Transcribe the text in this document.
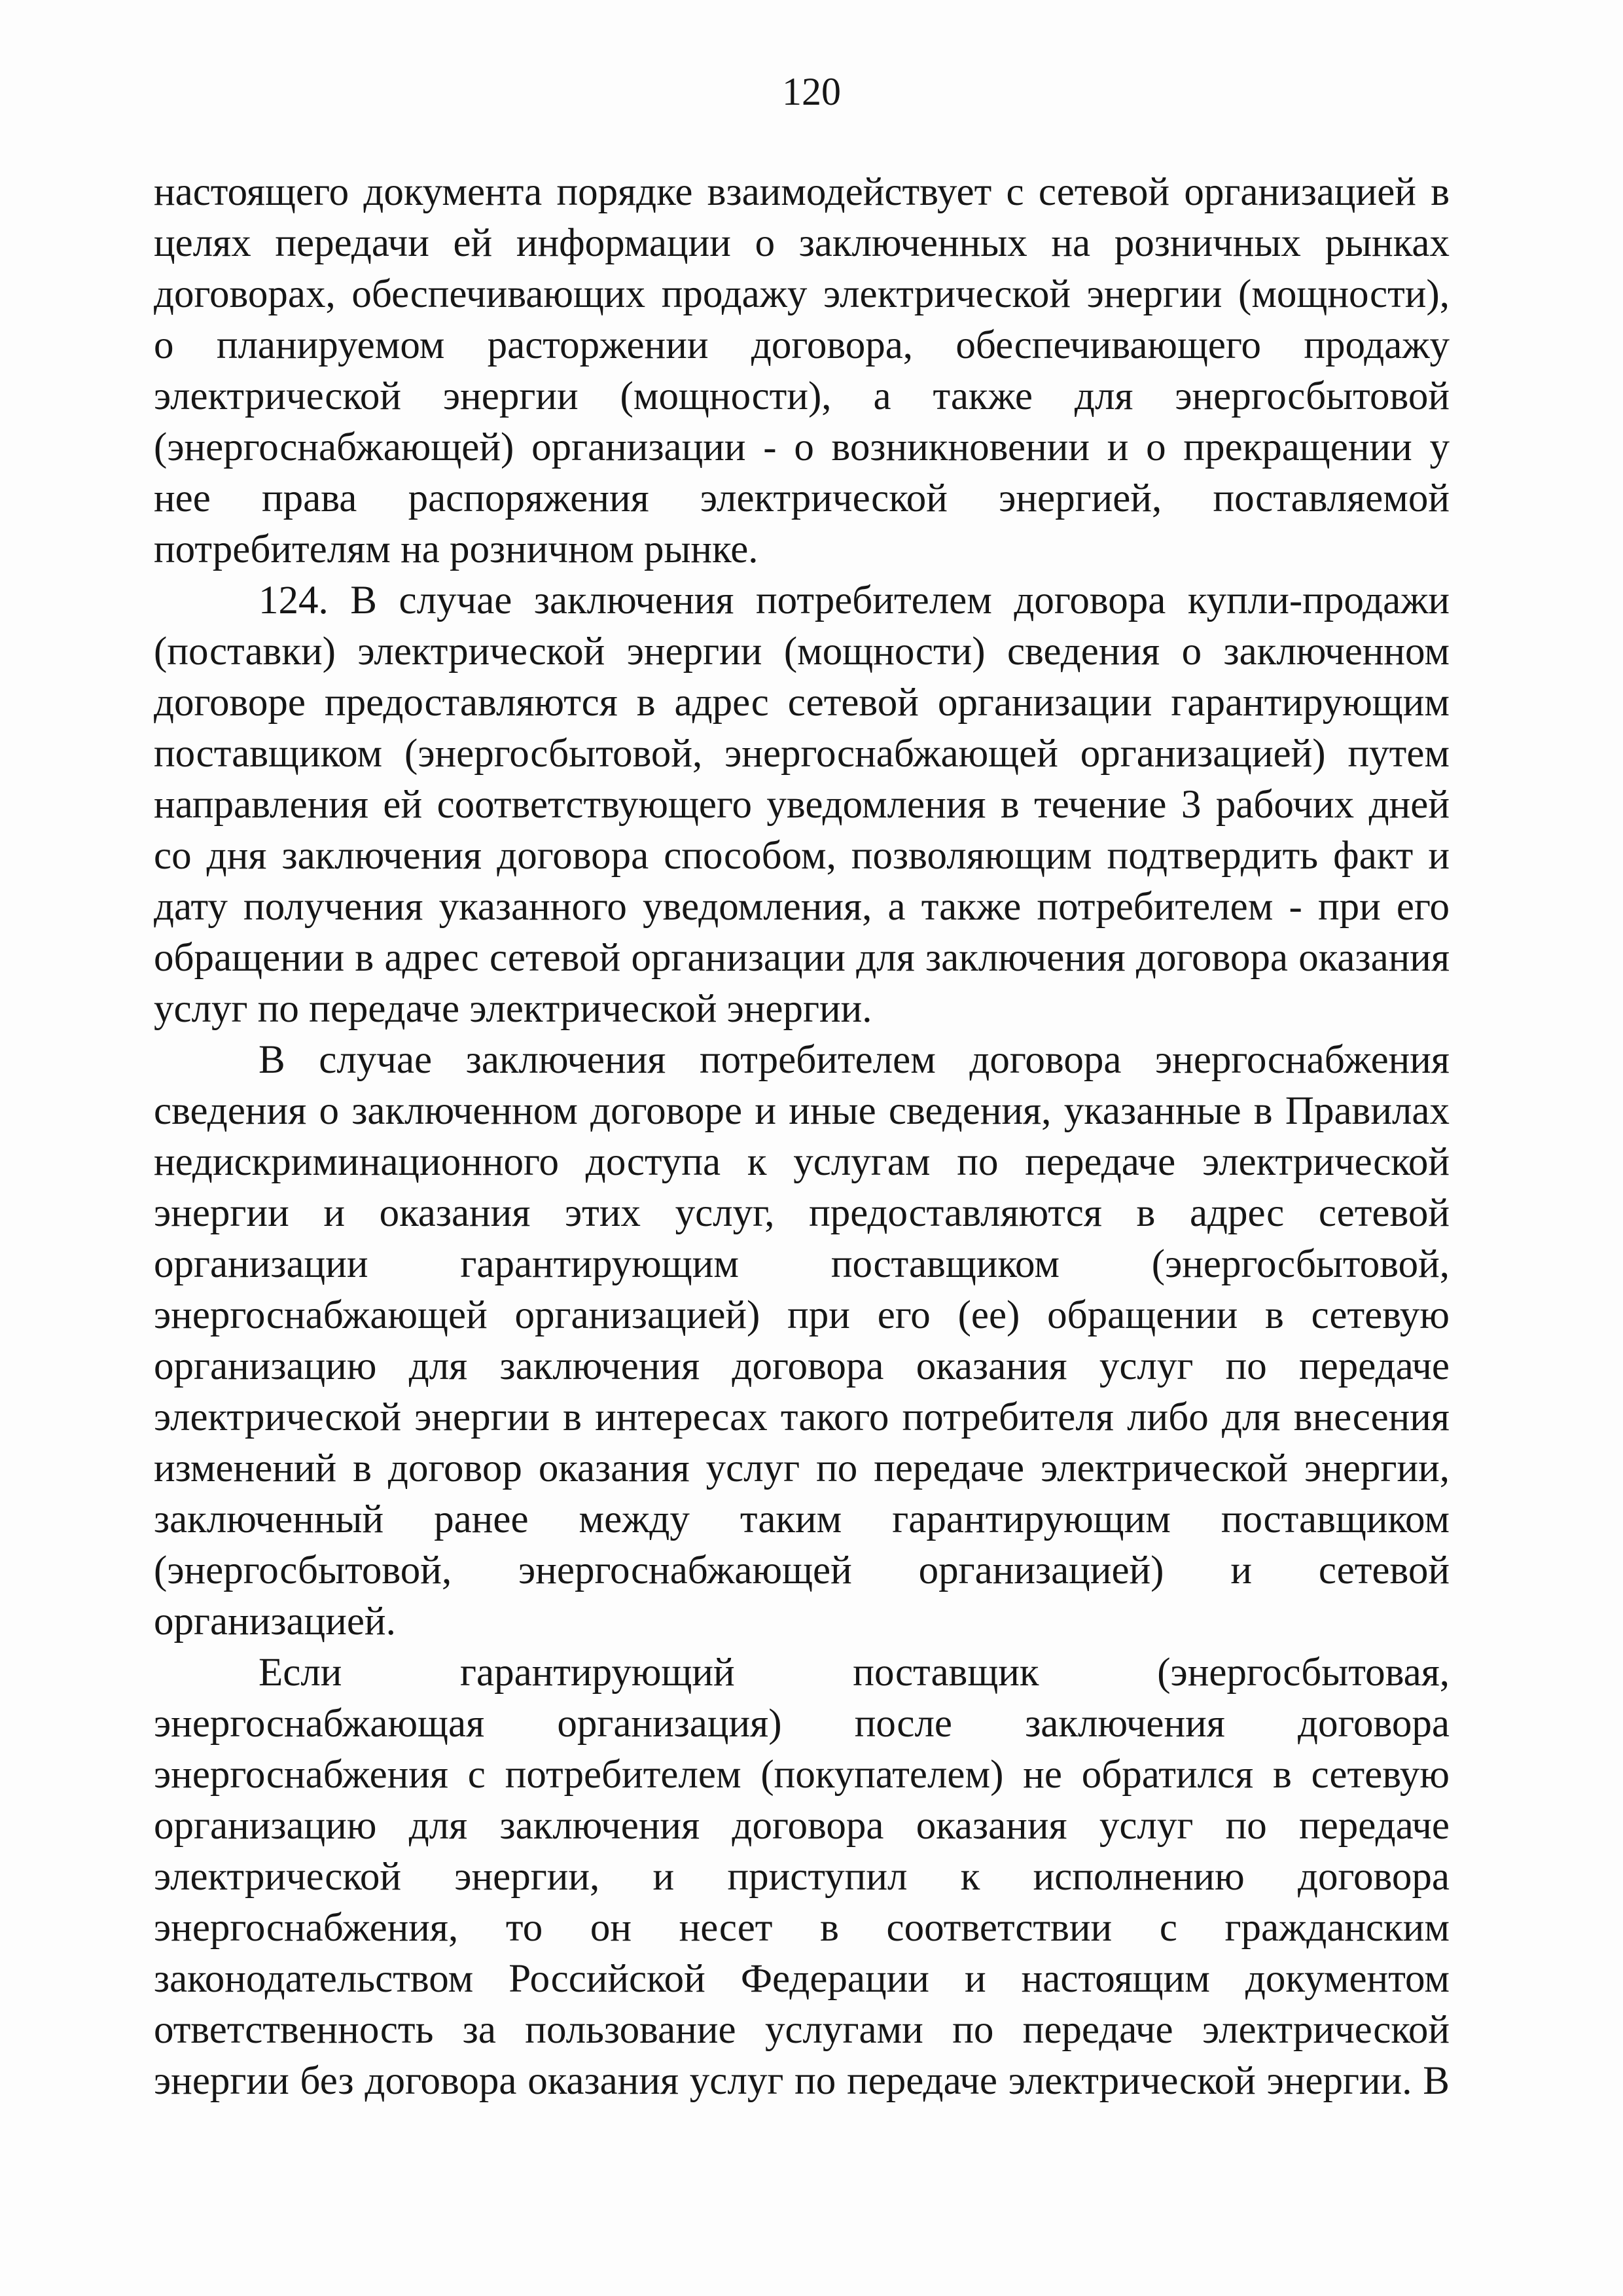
120
настоящего документа порядке взаимодействует с сетевой организацией в
целях передачи ей информации о заключенных на розничных рынках
договорах, обеспечивающих продажу электрической энергии (мощности),
о планируемом расторжении договора, обеспечивающего продажу
электрической энергии (мощности), а также для энергосбытовой
(энергоснабжающей) организации - о возникновении и о прекращении у
нее права распоряжения электрической энергией, поставляемой
потребителям на розничном рынке.
124. В случае заключения потребителем договора купли-продажи
(поставки) электрической энергии (мощности) сведения о заключенном
договоре предоставляются в адрес сетевой организации гарантирующим
поставщиком (энергосбытовой, энергоснабжающей организацией) путем
направления ей соответствующего уведомления в течение 3 рабочих дней
со дня заключения договора способом, позволяющим подтвердить факт и
дату получения указанного уведомления, а также потребителем - при его
обращении в адрес сетевой организации для заключения договора оказания
услуг по передаче электрической энергии.
В случае заключения потребителем договора энергоснабжения
сведения о заключенном договоре и иные сведения, указанные в Правилах
недискриминационного доступа к услугам по передаче электрической
энергии и оказания этих услуг, предоставляются в адрес сетевой
организации гарантирующим поставщиком (энергосбытовой,
энергоснабжающей организацией) при его (ее) обращении в сетевую
организацию для заключения договора оказания услуг по передаче
электрической энергии в интересах такого потребителя либо для внесения
изменений в договор оказания услуг по передаче электрической энергии,
заключенный ранее между таким гарантирующим поставщиком
(энергосбытовой, энергоснабжающей организацией) и сетевой
организацией.
Если гарантирующий поставщик (энергосбытовая,
энергоснабжающая организация) после заключения договора
энергоснабжения с потребителем (покупателем) не обратился в сетевую
организацию для заключения договора оказания услуг по передаче
электрической энергии, и приступил к исполнению договора
энергоснабжения, то он несет в соответствии с гражданским
законодательством Российской Федерации и настоящим документом
ответственность за пользование услугами по передаче электрической
энергии без договора оказания услуг по передаче электрической энергии. В
